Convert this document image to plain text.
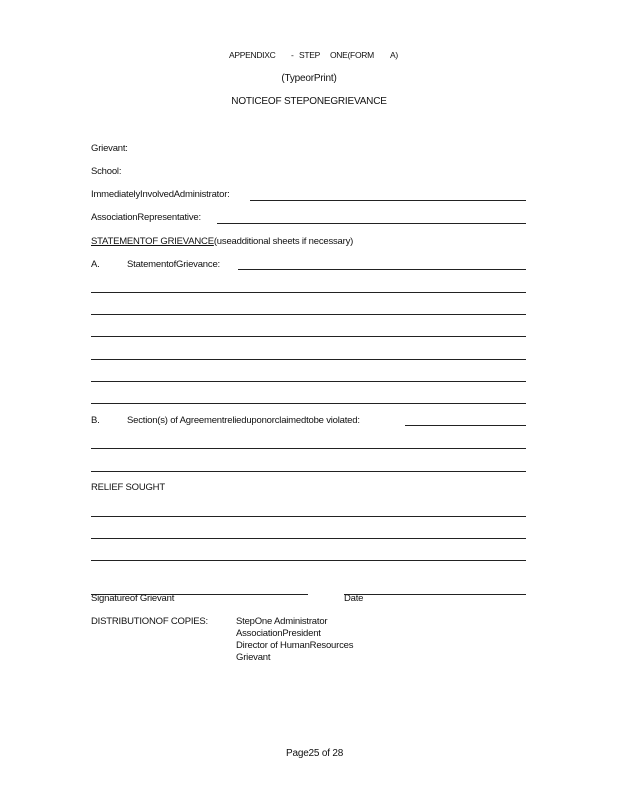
APPENDIXC - STEP ONE(FORM A)
(TypeorPrint)
NOTICEOF STEPONEGRIEVANCE
Grievant:
School:
ImmediatelyInvolvedAdministrator:
AssociationRepresentative:
STATEMENTOF GRIEVANCE(useadditional sheets if necessary)
A.	StatementofGrievance:
B.	Section(s) of Agreementrelieduponorclaimedtobe violated:
RELIEF SOUGHT
Signatureof Grievant	Date
DISTRIBUTIONOF COPIES:	StepOne Administrator
AssociationPresident
Director of HumanResources
Grievant
Page25 of 28
